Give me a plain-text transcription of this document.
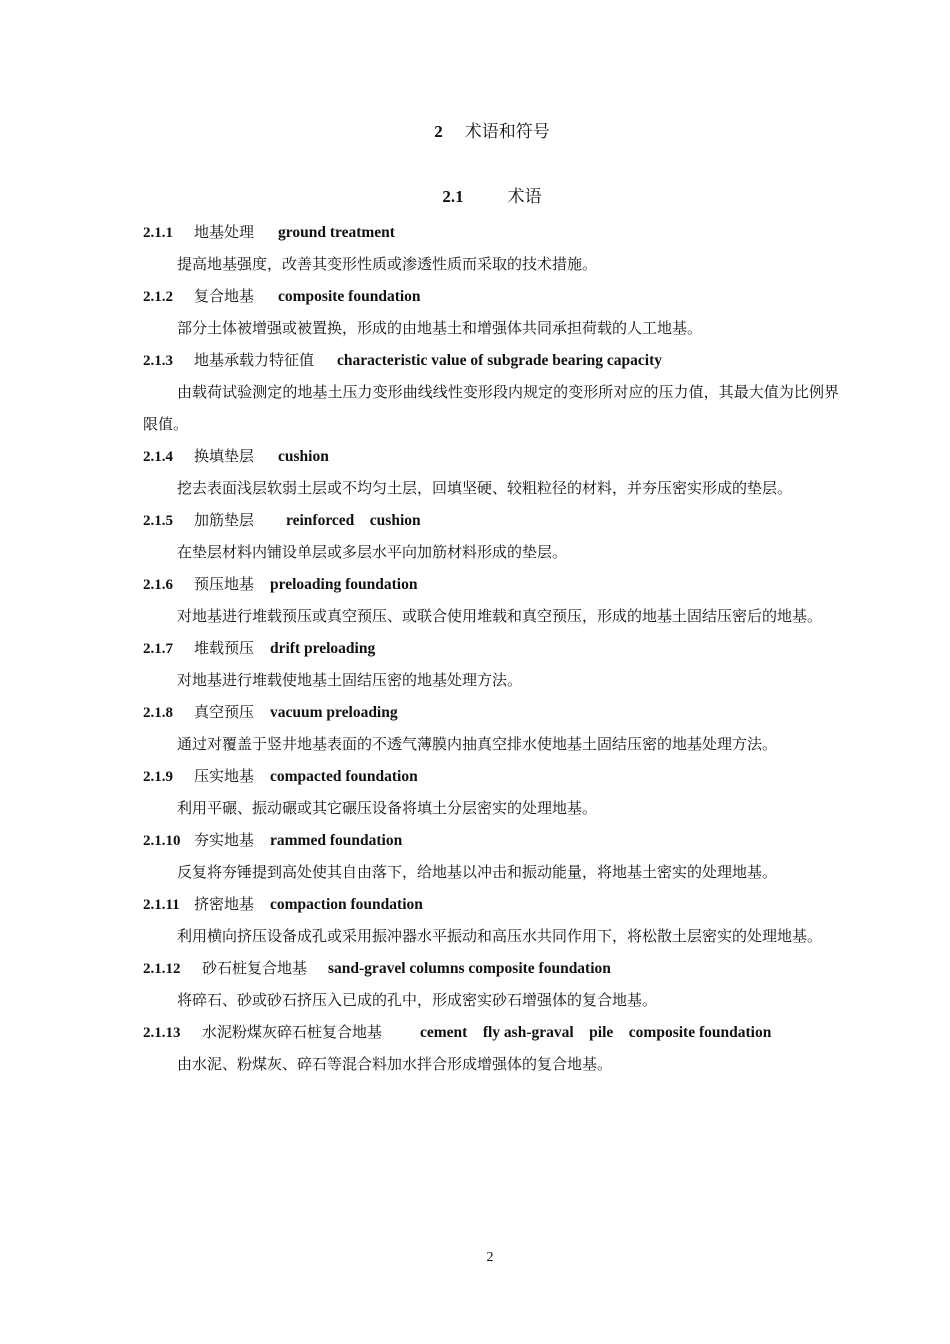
2 术语和符号
2.1	术语
2.1.1 地基处理 ground treatment
提高地基强度，改善其变形性质或渗透性质而采取的技术措施。
2.1.2 复合地基 composite foundation
部分土体被增强或被置换，形成的由地基土和增强体共同承担荷载的人工地基。
2.1.3 地基承载力特征值 characteristic value of subgrade bearing capacity
由载荷试验测定的地基土压力变形曲线线性变形段内规定的变形所对应的压力值，其最大值为比例界限值。
2.1.4 换填垫层 cushion
挖去表面浅层软弱土层或不均匀土层，回填坚硬、较粗粒径的材料，并夯压密实形成的垫层。
2.1.5 加筋垫层 reinforced    cushion
在垫层材料内铺设单层或多层水平向加筋材料形成的垫层。
2.1.6 预压地基 preloading foundation
对地基进行堆载预压或真空预压、或联合使用堆载和真空预压，形成的地基土固结压密后的地基。
2.1.7 堆载预压 drift preloading
对地基进行堆载使地基土固结压密的地基处理方法。
2.1.8 真空预压 vacuum preloading
通过对覆盖于竖井地基表面的不透气薄膜内抽真空排水使地基土固结压密的地基处理方法。
2.1.9 压实地基 compacted foundation
利用平碾、振动碾或其它碾压设备将填土分层密实的处理地基。
2.1.10 夯实地基 rammed foundation
反复将夯锤提到高处使其自由落下，给地基以冲击和振动能量，将地基土密实的处理地基。
2.1.11 挤密地基 compaction foundation
利用横向挤压设备成孔或采用振冲器水平振动和高压水共同作用下，将松散土层密实的处理地基。
2.1.12 砂石桩复合地基 sand-gravel columns composite foundation
将碎石、砂或砂石挤压入已成的孔中，形成密实砂石增强体的复合地基。
2.1.13 水泥粉煤灰碎石桩复合地基 cement    fly ash-graval    pile    composite foundation
由水泥、粉煤灰、碎石等混合料加水拌合形成增强体的复合地基。
2
